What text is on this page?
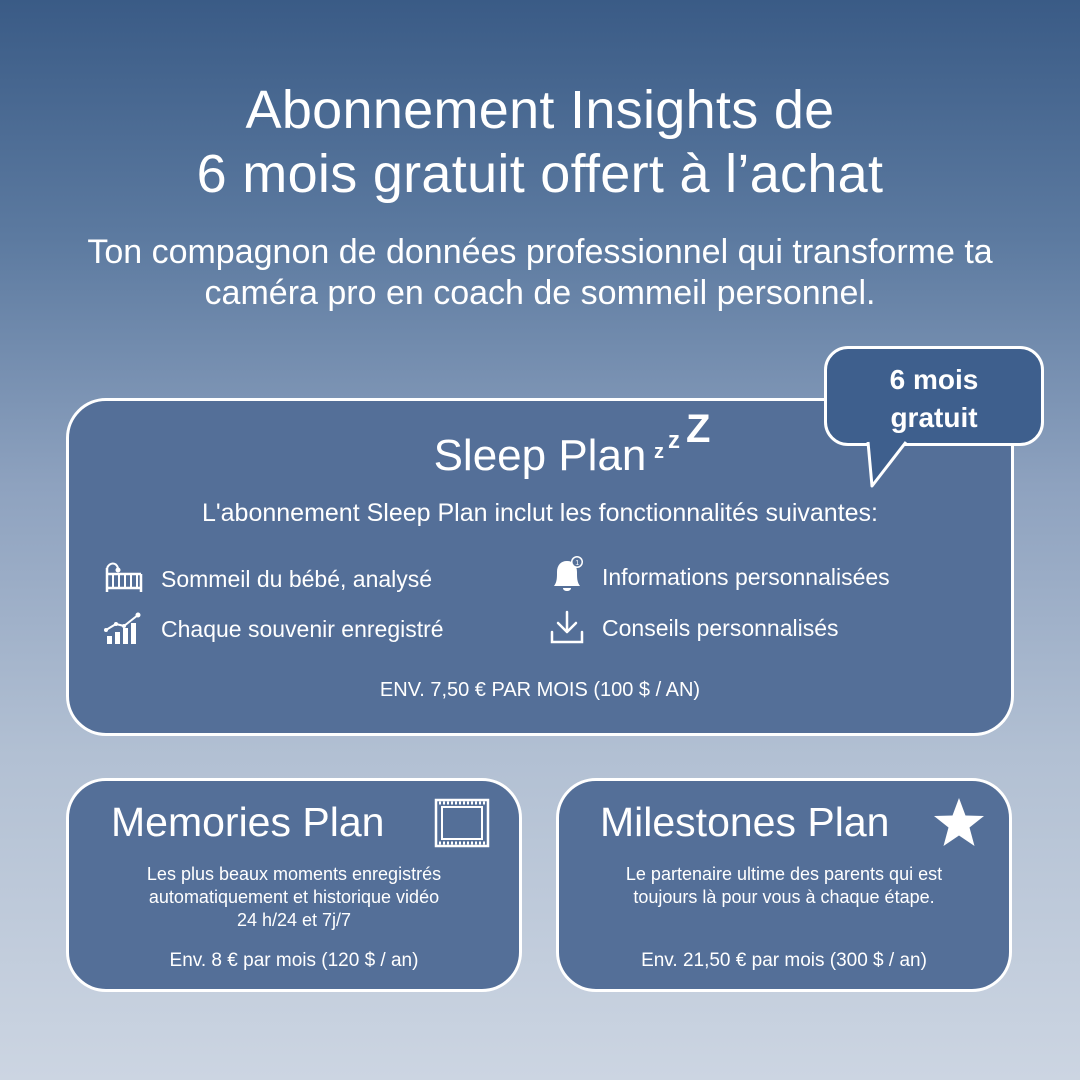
Abonnement Insights de
6 mois gratuit offert à l’achat
Ton compagnon de données professionnel qui transforme ta caméra pro en coach de sommeil personnel.
6 mois
gratuit
Sleep Plan z z Z
L'abonnement Sleep Plan inclut les fonctionnalités suivantes:
Sommeil du bébé, analysé
Chaque souvenir enregistré
1
Informations personnalisées
Conseils personnalisés
ENV. 7,50 € PAR MOIS (100 $ / AN)
Memories Plan
Les plus beaux moments enregistrés
automatiquement et historique vidéo
24 h/24 et 7j/7
Env. 8 € par mois (120 $ / an)
Milestones Plan
Le partenaire ultime des parents qui est
toujours là pour vous à chaque étape.
Env. 21,50 € par mois (300 $ / an)
